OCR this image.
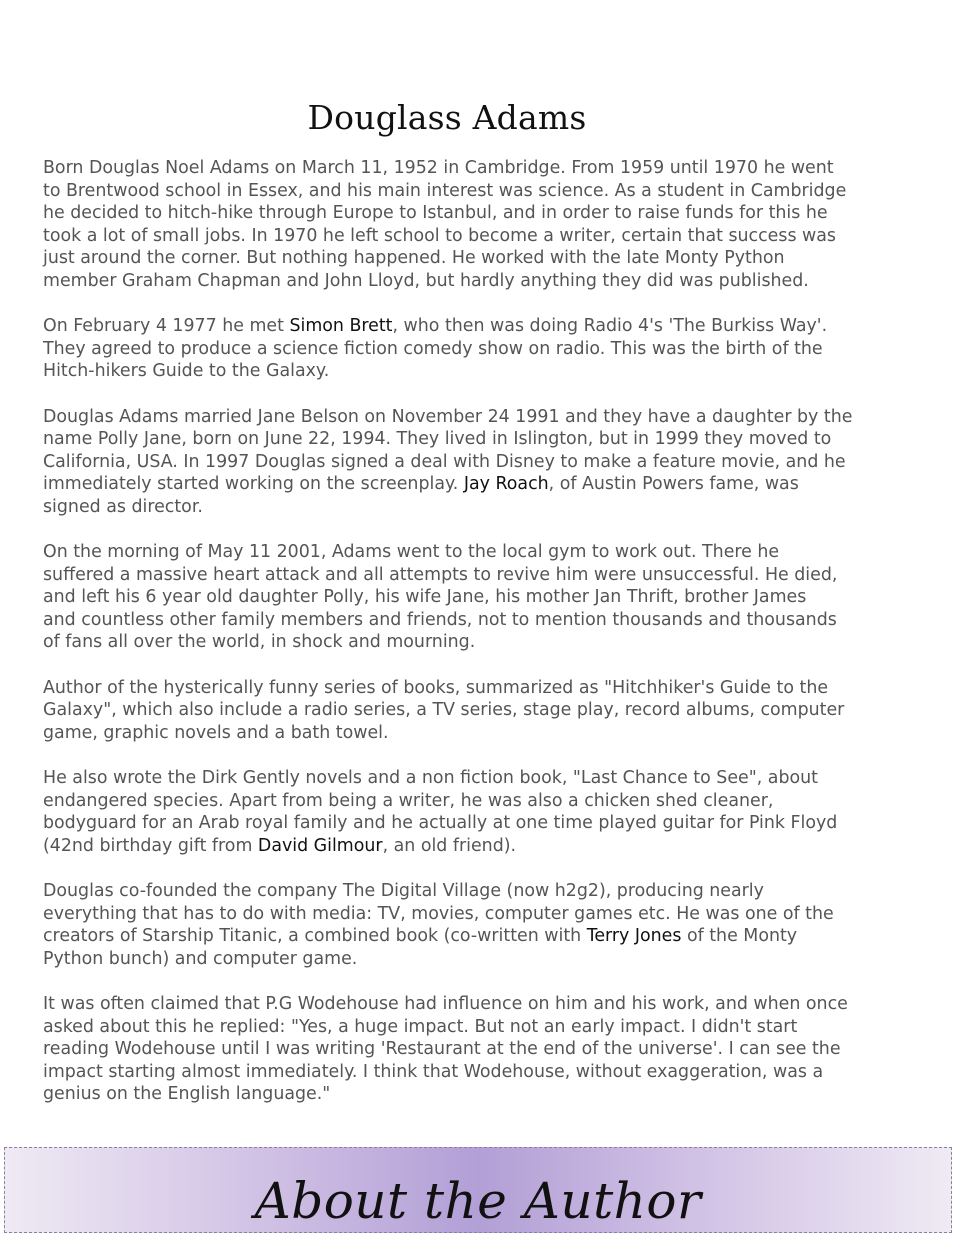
Douglass Adams

Born Douglas Noel Adams on March 11, 1952 in Cambridge. From 1959 until 1970 he went
to Brentwood school in Essex, and his main interest was science. As a student in Cambridge
he decided to hitch-hike through Europe to Istanbul, and in order to raise funds for this he
took a lot of small jobs. In 1970 he left school to become a writer, certain that success was
just around the corner. But nothing happened. He worked with the late Monty Python
member Graham Chapman and John Lloyd, but hardly anything they did was published.

On February 4 1977 he met Simon Brett, who then was doing Radio 4's 'The Burkiss Way'.
They agreed to produce a science fiction comedy show on radio. This was the birth of the
Hitch-hikers Guide to the Galaxy.

Douglas Adams married Jane Belson on November 24 1991 and they have a daughter by the
name Polly Jane, born on June 22, 1994. They lived in Islington, but in 1999 they moved to
California, USA. In 1997 Douglas signed a deal with Disney to make a feature movie, and he
immediately started working on the screenplay. Jay Roach, of Austin Powers fame, was
signed as director.

On the morning of May 11 2001, Adams went to the local gym to work out. There he
suffered a massive heart attack and all attempts to revive him were unsuccessful. He died,
and left his 6 year old daughter Polly, his wife Jane, his mother Jan Thrift, brother James
and countless other family members and friends, not to mention thousands and thousands
of fans all over the world, in shock and mourning.

Author of the hysterically funny series of books, summarized as "Hitchhiker's Guide to the
Galaxy", which also include a radio series, a TV series, stage play, record albums, computer
game, graphic novels and a bath towel.

He also wrote the Dirk Gently novels and a non fiction book, "Last Chance to See", about
endangered species. Apart from being a writer, he was also a chicken shed cleaner,
bodyguard for an Arab royal family and he actually at one time played guitar for Pink Floyd
(42nd birthday gift from David Gilmour, an old friend).

Douglas co-founded the company The Digital Village (now h2g2), producing nearly
everything that has to do with media: TV, movies, computer games etc. He was one of the
creators of Starship Titanic, a combined book (co-written with Terry Jones of the Monty
Python bunch) and computer game.

It was often claimed that P.G Wodehouse had influence on him and his work, and when once
asked about this he replied: "Yes, a huge impact. But not an early impact. I didn't start
reading Wodehouse until I was writing 'Restaurant at the end of the universe'. I can see the
impact starting almost immediately. I think that Wodehouse, without exaggeration, was a
genius on the English language."

About the Author
